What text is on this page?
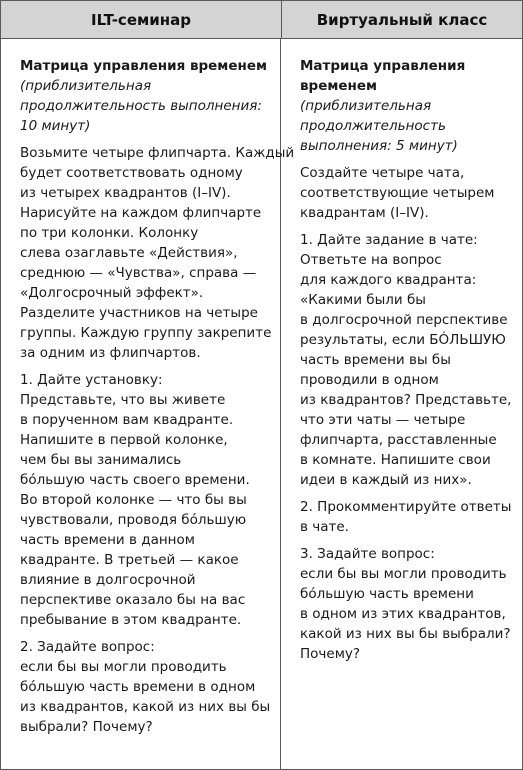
ILT-семинар	Виртуальный класс

Матрица управления временем

(приблизительная
продолжительность выполнения:
10 минут)

Возьмите четыре флипчарта. Каждый
будет соответствовать одному
из четырех квадрантов (I–IV).
Нарисуйте на каждом флипчарте
по три колонки. Колонку
слева озаглавьте «Действия»,
среднюю — «Чувства», справа —
«Долгосрочный эффект».
Разделите участников на четыре
группы. Каждую группу закрепите
за одним из флипчартов.

1. Дайте установку:
Представьте, что вы живете
в порученном вам квадранте.
Напишите в первой колонке,
чем бы вы занимались
бóльшую часть своего времени.
Во второй колонке — что бы вы
чувствовали, проводя бóльшую
часть времени в данном
квадранте. В третьей — какое
влияние в долгосрочной
перспективе оказало бы на вас
пребывание в этом квадранте.

2. Задайте вопрос:
если бы вы могли проводить
бóльшую часть времени в одном
из квадрантов, какой из них вы бы
выбрали? Почему?

Матрица управления
временем

(приблизительная
продолжительность
выполнения: 5 минут)

Создайте четыре чата,
соответствующие четырем
квадрантам (I–IV).

1. Дайте задание в чате:
Ответьте на вопрос
для каждого квадранта:
«Какими были бы
в долгосрочной перспективе
результаты, если БÓЛЬШУЮ
часть времени вы бы
проводили в одном
из квадрантов? Представьте,
что эти чаты — четыре
флипчарта, расставленные
в комнате. Напишите свои
идеи в каждый из них».

2. Прокомментируйте ответы
в чате.

3. Задайте вопрос:
если бы вы могли проводить
бóльшую часть времени
в одном из этих квадрантов,
какой из них вы бы выбрали?
Почему?
